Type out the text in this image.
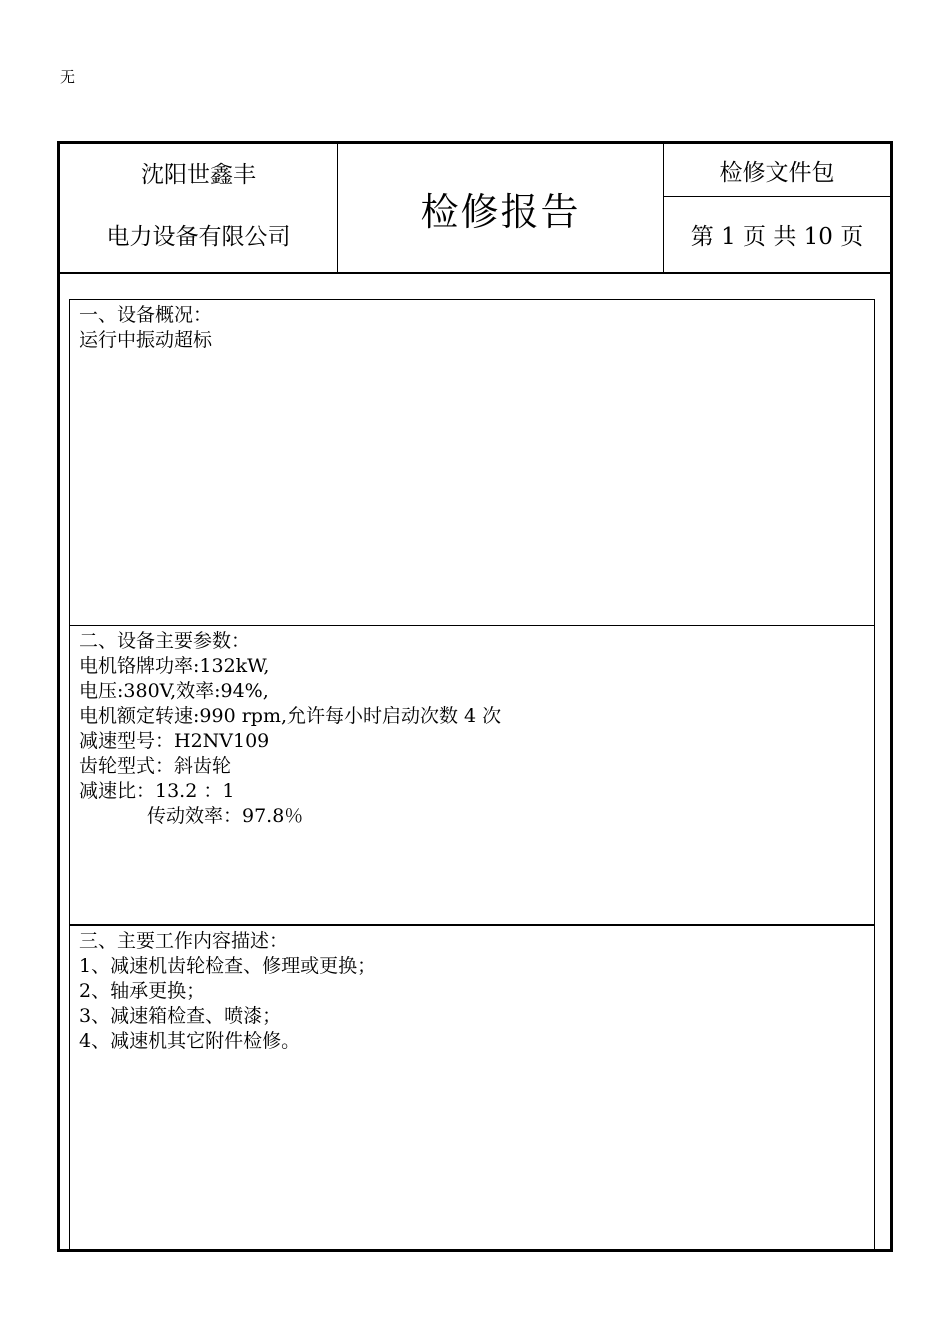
无
沈阳世鑫丰
电力设备有限公司
检修报告
检修文件包
第 1 页 共 10 页
一、设备概况：
运行中振动超标
二、设备主要参数：
电机铬牌功率:132kW,
电压:380V,效率:94%,
电机额定转速:990 rpm,允许每小时启动次数 4 次
减速型号：H2NV109
齿轮型式：斜齿轮
减速比：13.2 ：1
传动效率：97.8％
三、主要工作内容描述：
1、减速机齿轮检查、修理或更换；
2、轴承更换；
3、减速箱检查、喷漆；
4、减速机其它附件检修。
